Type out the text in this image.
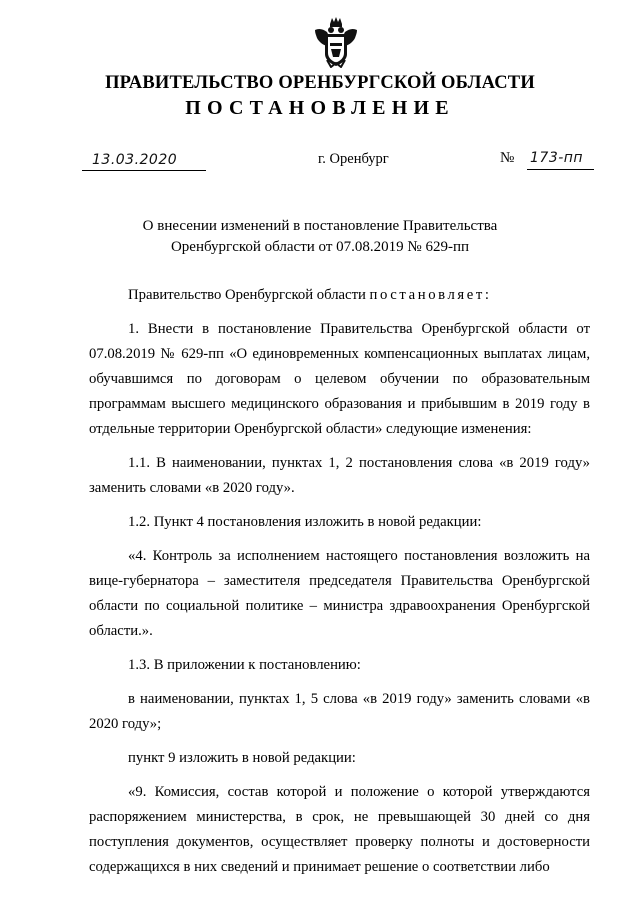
ПРАВИТЕЛЬСТВО ОРЕНБУРГСКОЙ ОБЛАСТИ
ПОСТАНОВЛЕНИЕ
13.03.2020	г. Оренбург	№ 173-пп
О внесении изменений в постановление Правительства
Оренбургской области от 07.08.2019 № 629-пп

Правительство Оренбургской области постановляет:

1. Внести в постановление Правительства Оренбургской области от 07.08.2019 № 629-пп «О единовременных компенсационных выплатах лицам, обучавшимся по договорам о целевом обучении по образовательным программам высшего медицинского образования и прибывшим в 2019 году в отдельные территории Оренбургской области» следующие изменения:

1.1. В наименовании, пунктах 1, 2 постановления слова «в 2019 году» заменить словами «в 2020 году».

1.2. Пункт 4 постановления изложить в новой редакции:

«4. Контроль за исполнением настоящего постановления возложить на вице-губернатора – заместителя председателя Правительства Оренбургской области по социальной политике – министра здравоохранения Оренбургской области.».

1.3. В приложении к постановлению:

в наименовании, пунктах 1, 5 слова «в 2019 году» заменить словами «в 2020 году»;

пункт 9 изложить в новой редакции:

«9. Комиссия, состав которой и положение о которой утверждаются распоряжением министерства, в срок, не превышающей 30 дней со дня поступления документов, осуществляет проверку полноты и достоверности содержащихся в них сведений и принимает решение о соответствии либо
